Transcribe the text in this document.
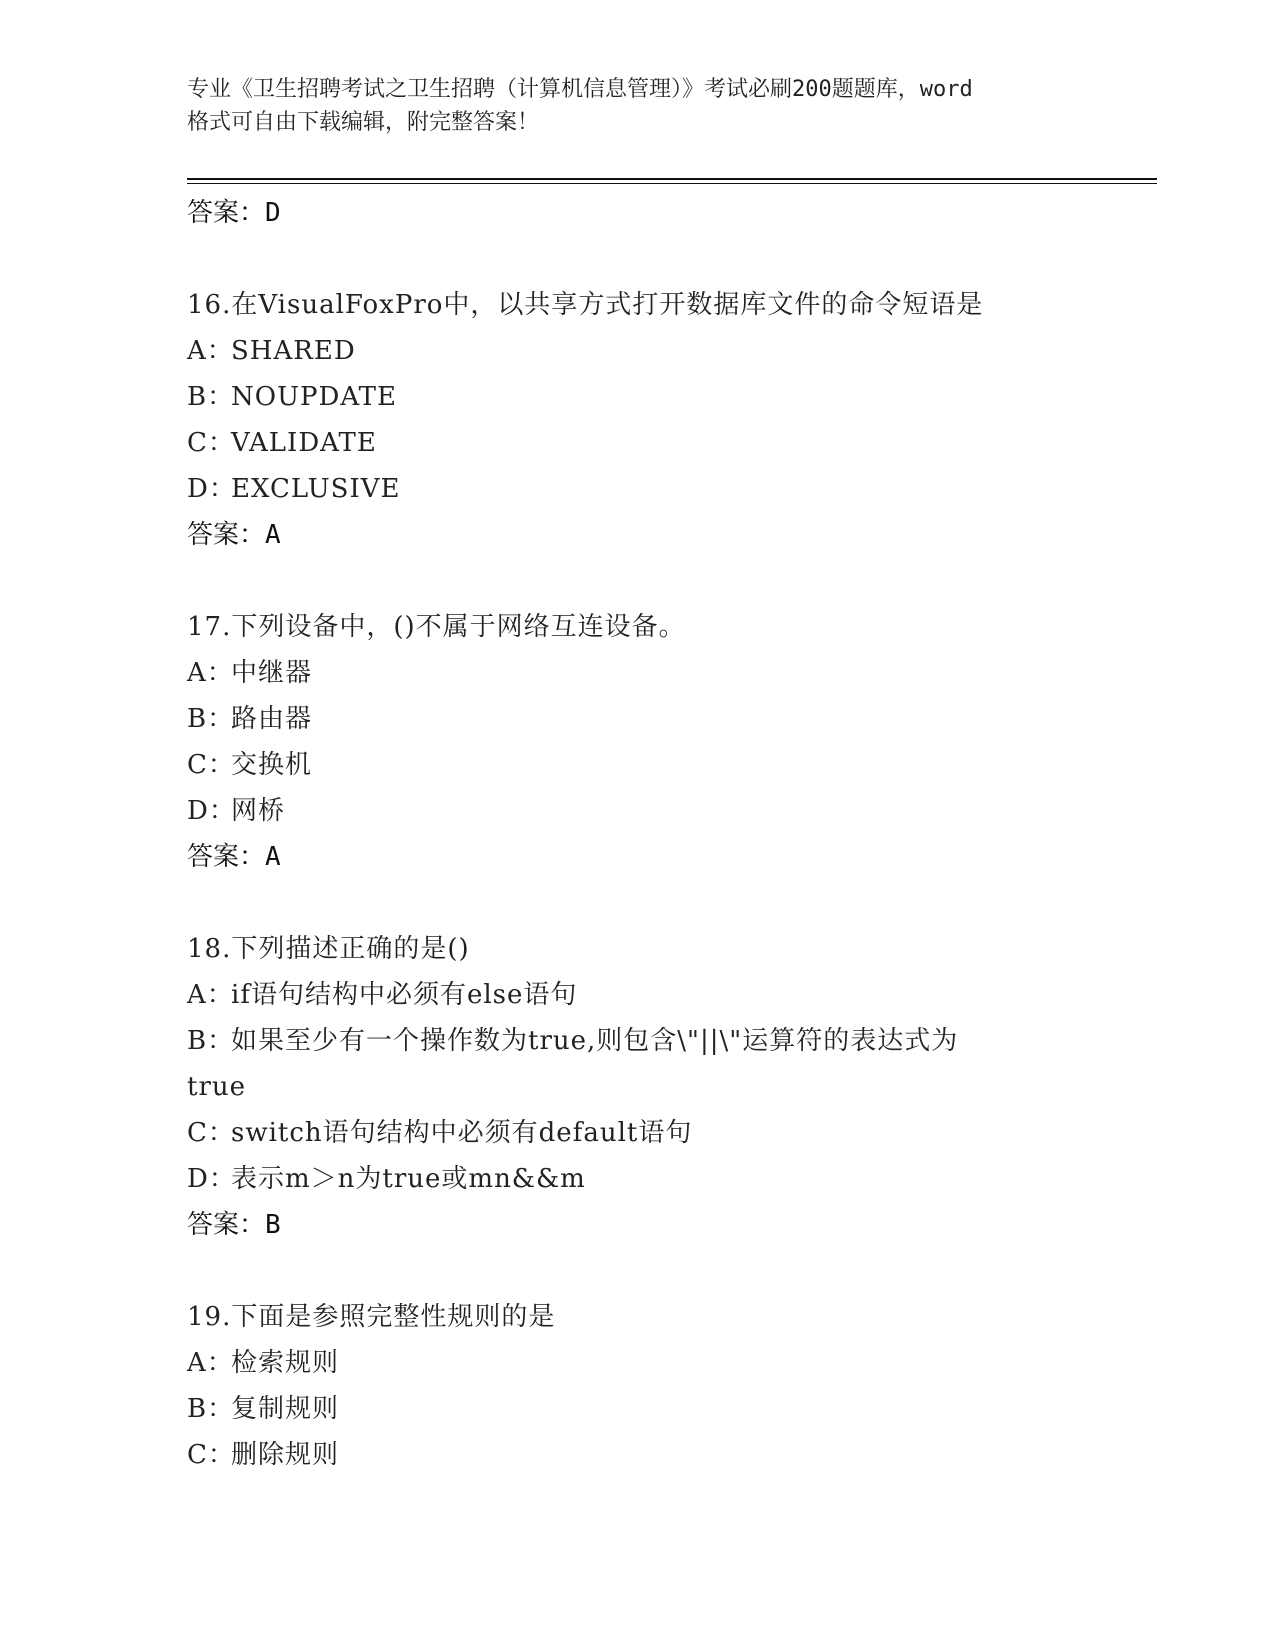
专业《卫生招聘考试之卫生招聘（计算机信息管理）》考试必刷200题题库，word
格式可自由下载编辑，附完整答案！
答案：D
16.在VisualFoxPro中，以共享方式打开数据库文件的命令短语是
A：SHARED
B：NOUPDATE
C：VALIDATE
D：EXCLUSIVE
答案：A
17.下列设备中，()不属于网络互连设备。
A：中继器
B：路由器
C：交换机
D：网桥
答案：A
18.下列描述正确的是()
A：if语句结构中必须有else语句
B：如果至少有一个操作数为true,则包含\"||\"运算符的表达式为
true
C：switch语句结构中必须有default语句
D：表示m＞n为true或mn&&m
答案：B
19.下面是参照完整性规则的是
A：检索规则
B：复制规则
C：删除规则
